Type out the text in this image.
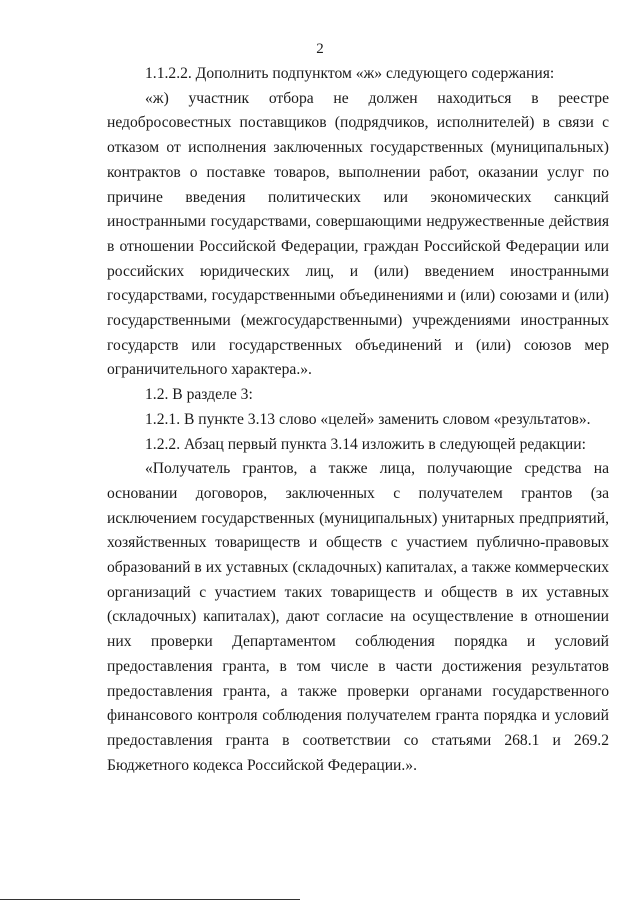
2

1.1.2.2. Дополнить подпунктом «ж» следующего содержания:

«ж) участник отбора не должен находиться в реестре недобросовестных поставщиков (подрядчиков, исполнителей) в связи с отказом от исполнения заключенных государственных (муниципальных) контрактов о поставке товаров, выполнении работ, оказании услуг по причине введения политических или экономических санкций иностранными государствами, совершающими недружественные действия в отношении Российской Федерации, граждан Российской Федерации или российских юридических лиц, и (или) введением иностранными государствами, государственными объединениями и (или) союзами и (или) государственными (межгосударственными) учреждениями иностранных государств или государственных объединений и (или) союзов мер ограничительного характера.».

1.2. В разделе 3:

1.2.1. В пункте 3.13 слово «целей» заменить словом «результатов».

1.2.2. Абзац первый пункта 3.14 изложить в следующей редакции:

«Получатель грантов, а также лица, получающие средства на основании договоров, заключенных с получателем грантов (за исключением государственных (муниципальных) унитарных предприятий, хозяйственных товариществ и обществ с участием публично-правовых образований в их уставных (складочных) капиталах, а также коммерческих организаций с участием таких товариществ и обществ в их уставных (складочных) капиталах), дают согласие на осуществление в отношении них проверки Департаментом соблюдения порядка и условий предоставления гранта, в том числе в части достижения результатов предоставления гранта, а также проверки органами государственного финансового контроля соблюдения получателем гранта порядка и условий предоставления гранта в соответствии со статьями 268.1 и 269.2 Бюджетного кодекса Российской Федерации.».
